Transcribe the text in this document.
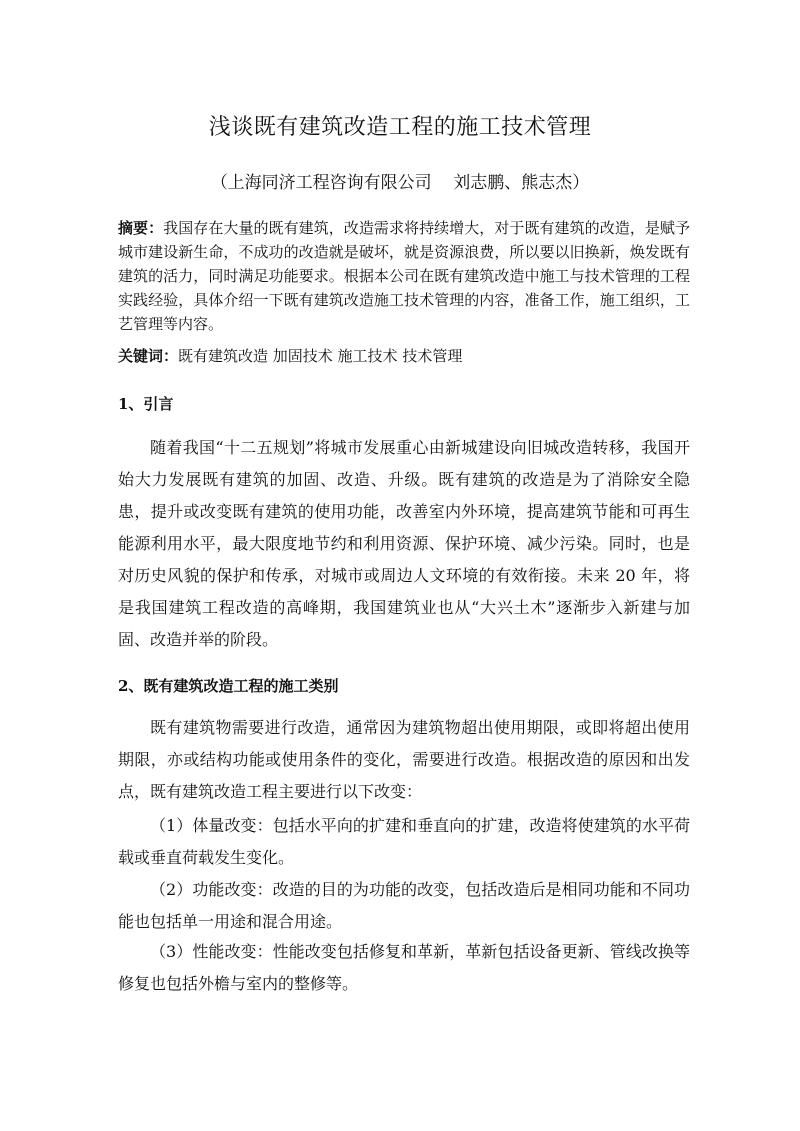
浅谈既有建筑改造工程的施工技术管理

（上海同济工程咨询有限公司    刘志鹏、熊志杰）

摘要：我国存在大量的既有建筑，改造需求将持续增大，对于既有建筑的改造，是赋予城市建设新生命，不成功的改造就是破坏，就是资源浪费，所以要以旧换新，焕发既有建筑的活力，同时满足功能要求。根据本公司在既有建筑改造中施工与技术管理的工程实践经验，具体介绍一下既有建筑改造施工技术管理的内容，准备工作，施工组织，工艺管理等内容。

关键词：既有建筑改造 加固技术 施工技术 技术管理

1、引言

随着我国“十二五规划”将城市发展重心由新城建设向旧城改造转移，我国开始大力发展既有建筑的加固、改造、升级。既有建筑的改造是为了消除安全隐患，提升或改变既有建筑的使用功能，改善室内外环境，提高建筑节能和可再生能源利用水平，最大限度地节约和利用资源、保护环境、减少污染。同时，也是对历史风貌的保护和传承，对城市或周边人文环境的有效衔接。未来 20 年，将是我国建筑工程改造的高峰期，我国建筑业也从“大兴土木”逐渐步入新建与加固、改造并举的阶段。

2、既有建筑改造工程的施工类别

既有建筑物需要进行改造，通常因为建筑物超出使用期限，或即将超出使用期限，亦或结构功能或使用条件的变化，需要进行改造。根据改造的原因和出发点，既有建筑改造工程主要进行以下改变：

（1）体量改变：包括水平向的扩建和垂直向的扩建，改造将使建筑的水平荷载或垂直荷载发生变化。

（2）功能改变：改造的目的为功能的改变，包括改造后是相同功能和不同功能也包括单一用途和混合用途。

（3）性能改变：性能改变包括修复和革新，革新包括设备更新、管线改换等修复也包括外檐与室内的整修等。
